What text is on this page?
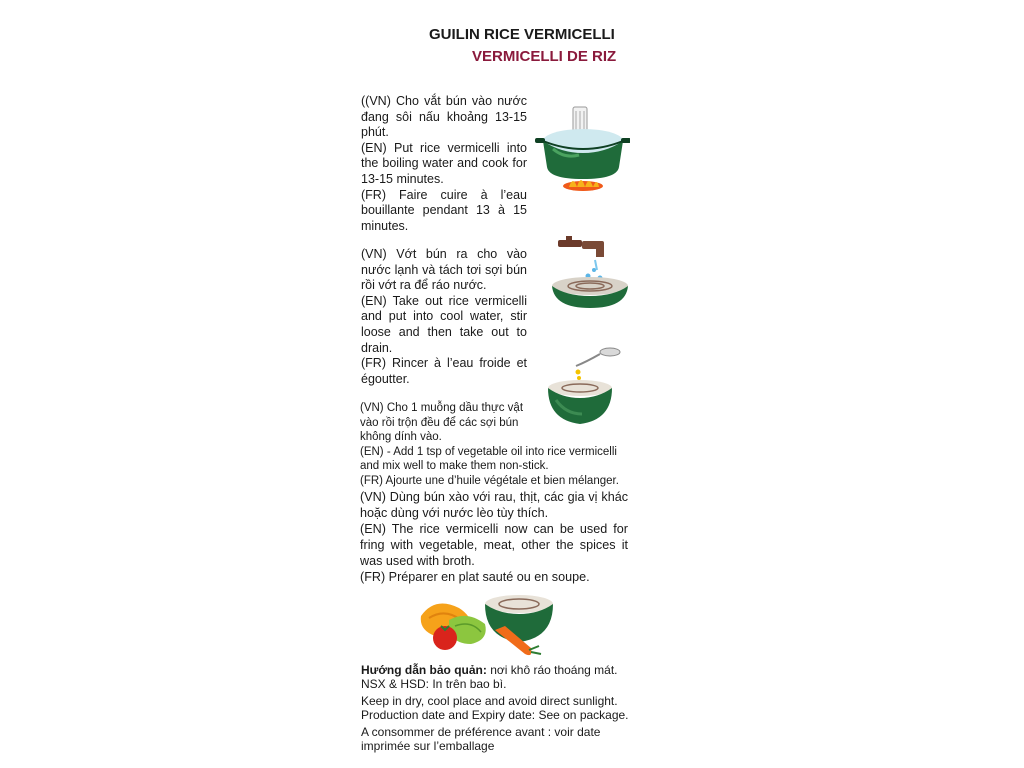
GUILIN RICE VERMICELLI
VERMICELLI DE RIZ

((VN) Cho vắt bún vào nước đang sôi nấu khoảng 13-15 phút.

(EN) Put rice vermicelli into the boiling water and cook for 13-15 minutes.

(FR) Faire cuire à l’eau bouillante pendant 13 à 15 minutes.

(VN) Vớt bún ra cho vào nước lạnh và tách tơi sợi bún rồi vớt ra để ráo nước.

(EN) Take out rice vermicelli and put into cool water, stir loose and then take out to drain.

(FR) Rincer à l’eau froide et égoutter.

(VN) Cho 1 muỗng dầu thực vật vào rồi trộn đều để các sợi bún không dính vào.

(EN) - Add 1 tsp of vegetable oil into rice vermicelli and mix well to make them non-stick.

(FR) Ajourte une d’huile végétale et bien mélanger.

(VN) Dùng bún xào với rau, thịt, các gia vị khác hoặc dùng với nước lèo tùy thích.

(EN) The rice vermicelli now can be used for fring with vegetable, meat, other the spices it was used with broth.

(FR) Préparer en plat sauté ou en soupe.

Hướng dẫn bảo quản: nơi khô ráo thoáng mát.
NSX & HSD: In trên bao bì.

Keep in dry, cool place and avoid direct sunlight.
Production date and Expiry date: See on package.

A consommer de préférence avant : voir date
imprimée sur l’emballage
